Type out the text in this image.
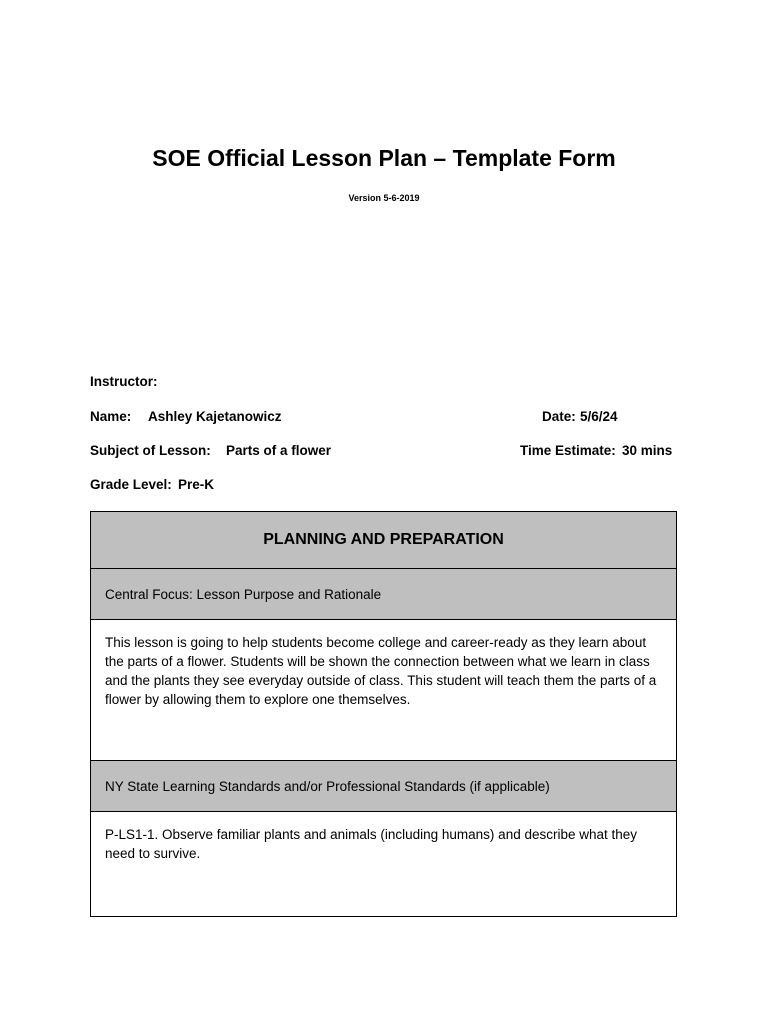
SOE Official Lesson Plan – Template Form
Version 5-6-2019
Instructor:
Name: Ashley Kajetanowicz	Date: 5/6/24
Subject of Lesson: Parts of a flower	Time Estimate: 30 mins
Grade Level: Pre-K
PLANNING AND PREPARATION
Central Focus: Lesson Purpose and Rationale
This lesson is going to help students become college and career-ready as they learn about the parts of a flower. Students will be shown the connection between what we learn in class and the plants they see everyday outside of class. This student will teach them the parts of a flower by allowing them to explore one themselves.
NY State Learning Standards and/or Professional Standards (if applicable)
P-LS1-1. Observe familiar plants and animals (including humans) and describe what they need to survive.
